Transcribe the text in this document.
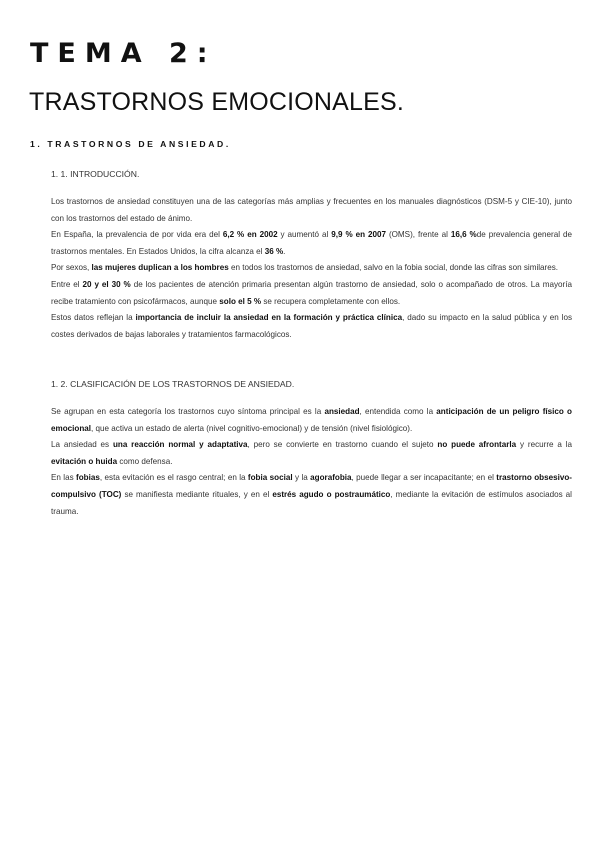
TEMA 2:
TRASTORNOS EMOCIONALES.
1. TRASTORNOS DE ANSIEDAD.
1. 1. INTRODUCCIÓN.

Los trastornos de ansiedad constituyen una de las categorías más amplias y frecuentes en los manuales diagnósticos (DSM-5 y CIE-10), junto con los trastornos del estado de ánimo.

En España, la prevalencia de por vida era del 6,2 % en 2002 y aumentó al 9,9 % en 2007 (OMS), frente al 16,6 %de prevalencia general de trastornos mentales. En Estados Unidos, la cifra alcanza el 36 %.

Por sexos, las mujeres duplican a los hombres en todos los trastornos de ansiedad, salvo en la fobia social, donde las cifras son similares.

Entre el 20 y el 30 % de los pacientes de atención primaria presentan algún trastorno de ansiedad, solo o acompañado de otros. La mayoría recibe tratamiento con psicofármacos, aunque solo el 5 % se recupera completamente con ellos.

Estos datos reflejan la importancia de incluir la ansiedad en la formación y práctica clínica, dado su impacto en la salud pública y en los costes derivados de bajas laborales y tratamientos farmacológicos.

1. 2. CLASIFICACIÓN DE LOS TRASTORNOS DE ANSIEDAD.

Se agrupan en esta categoría los trastornos cuyo síntoma principal es la ansiedad, entendida como la anticipación de un peligro físico o emocional, que activa un estado de alerta (nivel cognitivo-emocional) y de tensión (nivel fisiológico).

La ansiedad es una reacción normal y adaptativa, pero se convierte en trastorno cuando el sujeto no puede afrontarla y recurre a la evitación o huida como defensa.

En las fobias, esta evitación es el rasgo central; en la fobia social y la agorafobia, puede llegar a ser incapacitante; en el trastorno obsesivo-compulsivo (TOC) se manifiesta mediante rituales, y en el estrés agudo o postraumático, mediante la evitación de estímulos asociados al trauma.
